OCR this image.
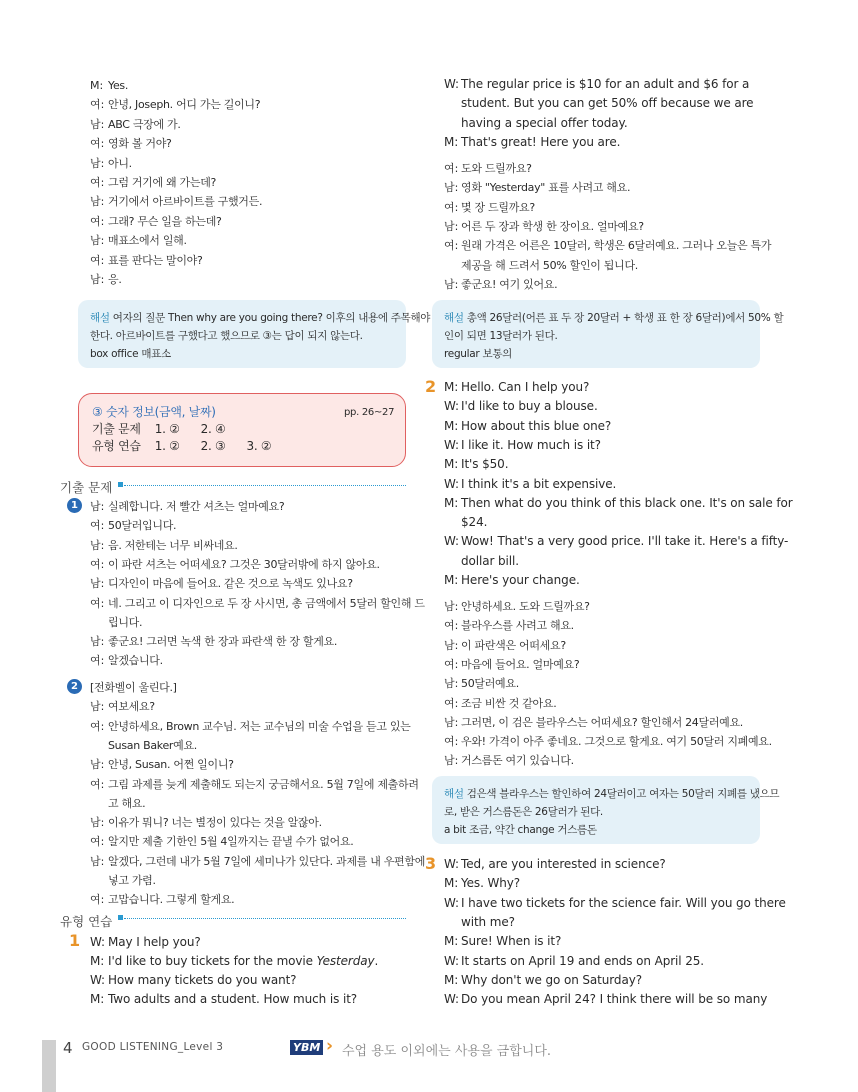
M: Yes.
여: 안녕, Joseph. 어디 가는 길이니?
남: ABC 극장에 가.
여: 영화 볼 거야?
남: 아니.
여: 그럼 거기에 왜 가는데?
남: 거기에서 아르바이트를 구했거든.
여: 그래? 무슨 일을 하는데?
남: 매표소에서 일해.
여: 표를 판다는 말이야?
남: 응.
해설 여자의 질문 Then why are you going there? 이후의 내용에 주목해야
한다. 아르바이트를 구했다고 했으므로 ③는 답이 되지 않는다.
box office 매표소
③ 숫자 정보(금액, 날짜)	pp. 26~27
기출 문제    1. ②      2. ④
유형 연습    1. ②      2. ③      3. ②
기출 문제
1	남: 실례합니다. 저 빨간 셔츠는 얼마예요?
여: 50달러입니다.
남: 음. 저한테는 너무 비싸네요.
여: 이 파란 셔츠는 어떠세요? 그것은 30달러밖에 하지 않아요.
남: 디자인이 마음에 들어요. 같은 것으로 녹색도 있나요?
여: 네. 그리고 이 디자인으로 두 장 사시면, 총 금액에서 5달러 할인해 드
립니다.
남: 좋군요! 그러면 녹색 한 장과 파란색 한 장 할게요.
여: 알겠습니다.
2	[전화벨이 울린다.]
남: 여보세요?
여: 안녕하세요, Brown 교수님. 저는 교수님의 미술 수업을 듣고 있는
Susan Baker예요.
남: 안녕, Susan. 어쩐 일이니?
여: 그림 과제를 늦게 제출해도 되는지 궁금해서요. 5월 7일에 제출하려
고 해요.
남: 이유가 뭐니? 너는 별정이 있다는 것을 알잖아.
여: 알지만 제출 기한인 5월 4일까지는 끝낼 수가 없어요.
남: 알겠다, 그런데 내가 5월 7일에 세미나가 있단다. 과제를 내 우편함에
넣고 가렴.
여: 고맙습니다. 그렇게 할게요.
유형 연습
1 W: May I help you?
M: I'd like to buy tickets for the movie Yesterday.
W: How many tickets do you want?
M: Two adults and a student. How much is it?
W: The regular price is $10 for an adult and $6 for a
student. But you can get 50% off because we are
having a special offer today.
M: That's great! Here you are.
여: 도와 드릴까요?
남: 영화 "Yesterday" 표를 사려고 해요.
여: 몇 장 드릴까요?
남: 어른 두 장과 학생 한 장이요. 얼마예요?
여: 원래 가격은 어른은 10달러, 학생은 6달러예요. 그러나 오늘은 특가
제공을 해 드려서 50% 할인이 됩니다.
남: 좋군요! 여기 있어요.
해설 총액 26달러(어른 표 두 장 20달러 + 학생 표 한 장 6달러)에서 50% 할
인이 되면 13달러가 된다.
regular 보통의
2 M: Hello. Can I help you?
W: I'd like to buy a blouse.
M: How about this blue one?
W: I like it. How much is it?
M: It's $50.
W: I think it's a bit expensive.
M: Then what do you think of this black one. It's on sale for
$24.
W: Wow! That's a very good price. I'll take it. Here's a fifty-
dollar bill.
M: Here's your change.
남: 안녕하세요. 도와 드릴까요?
여: 블라우스를 사려고 해요.
남: 이 파란색은 어떠세요?
여: 마음에 들어요. 얼마예요?
남: 50달러예요.
여: 조금 비싼 것 같아요.
남: 그러면, 이 검은 블라우스는 어떠세요? 할인해서 24달러예요.
여: 우와! 가격이 아주 좋네요. 그것으로 할게요. 여기 50달러 지폐예요.
남: 거스름돈 여기 있습니다.
해설 검은색 블라우스는 할인하여 24달러이고 여자는 50달러 지폐를 냈으므
로, 받은 거스름돈은 26달러가 된다.
a bit 조금, 약간 change 거스름돈
3 W: Ted, are you interested in science?
M: Yes. Why?
W: I have two tickets for the science fair. Will you go there
with me?
M: Sure! When is it?
W: It starts on April 19 and ends on April 25.
M: Why don't we go on Saturday?
W: Do you mean April 24? I think there will be so many
4 GOOD LISTENING_Level 3	YBM › 수업 용도 이외에는 사용을 금합니다.
